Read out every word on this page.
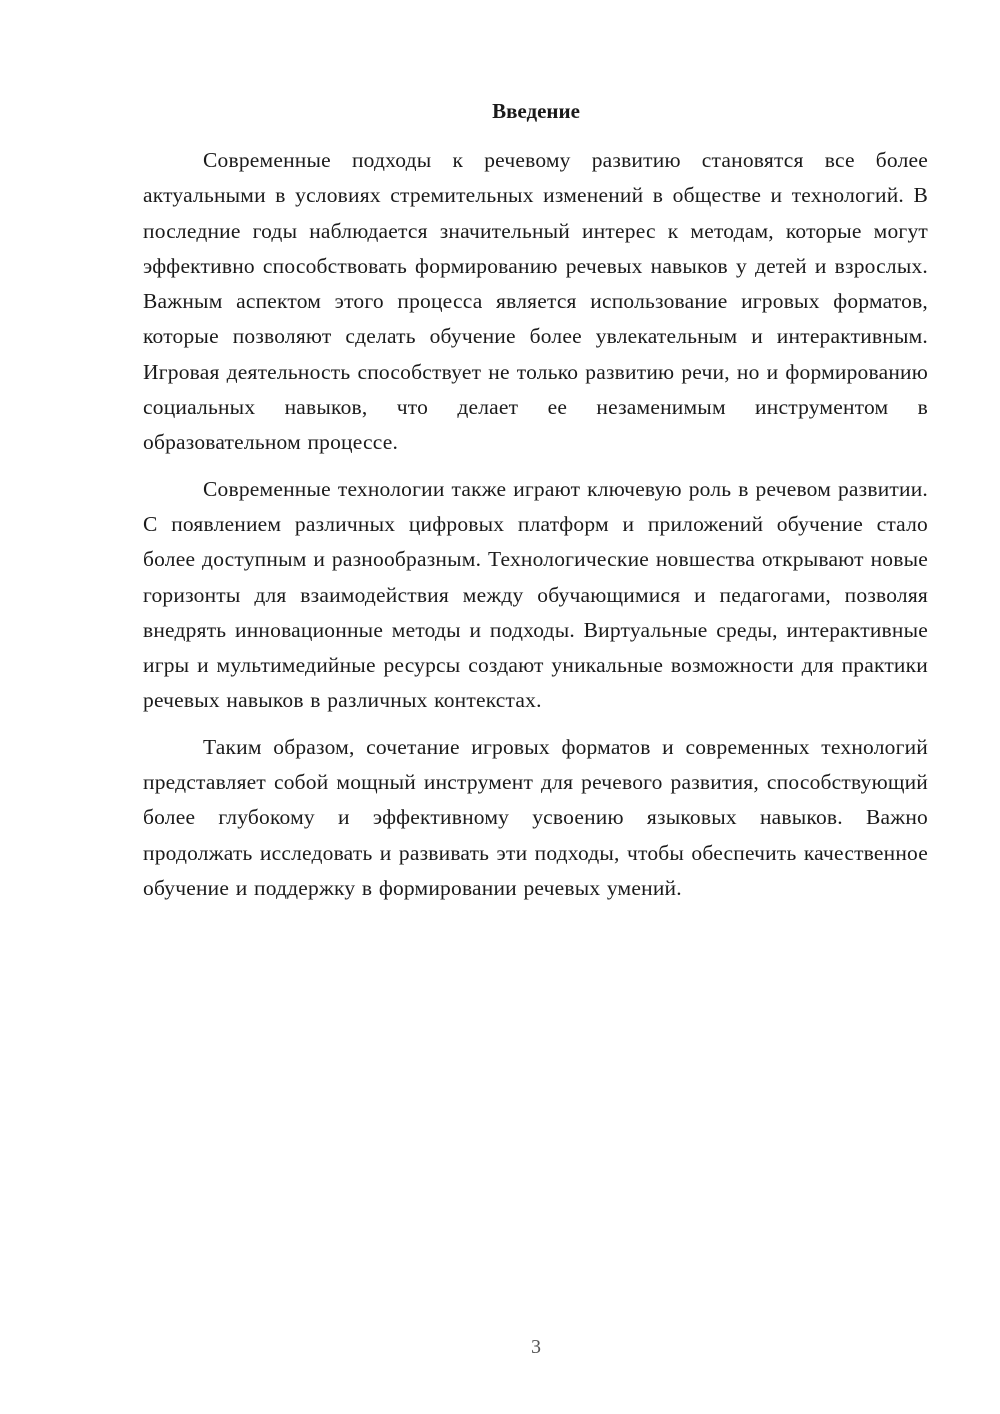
Введение

Современные подходы к речевому развитию становятся все более актуальными в условиях стремительных изменений в обществе и технологий. В последние годы наблюдается значительный интерес к методам, которые могут эффективно способствовать формированию речевых навыков у детей и взрослых. Важным аспектом этого процесса является использование игровых форматов, которые позволяют сделать обучение более увлекательным и интерактивным. Игровая деятельность способствует не только развитию речи, но и формированию социальных навыков, что делает ее незаменимым инструментом в образовательном процессе.

Современные технологии также играют ключевую роль в речевом развитии. С появлением различных цифровых платформ и приложений обучение стало более доступным и разнообразным. Технологические новшества открывают новые горизонты для взаимодействия между обучающимися и педагогами, позволяя внедрять инновационные методы и подходы. Виртуальные среды, интерактивные игры и мультимедийные ресурсы создают уникальные возможности для практики речевых навыков в различных контекстах.

Таким образом, сочетание игровых форматов и современных технологий представляет собой мощный инструмент для речевого развития, способствующий более глубокому и эффективному усвоению языковых навыков. Важно продолжать исследовать и развивать эти подходы, чтобы обеспечить качественное обучение и поддержку в формировании речевых умений.

3
